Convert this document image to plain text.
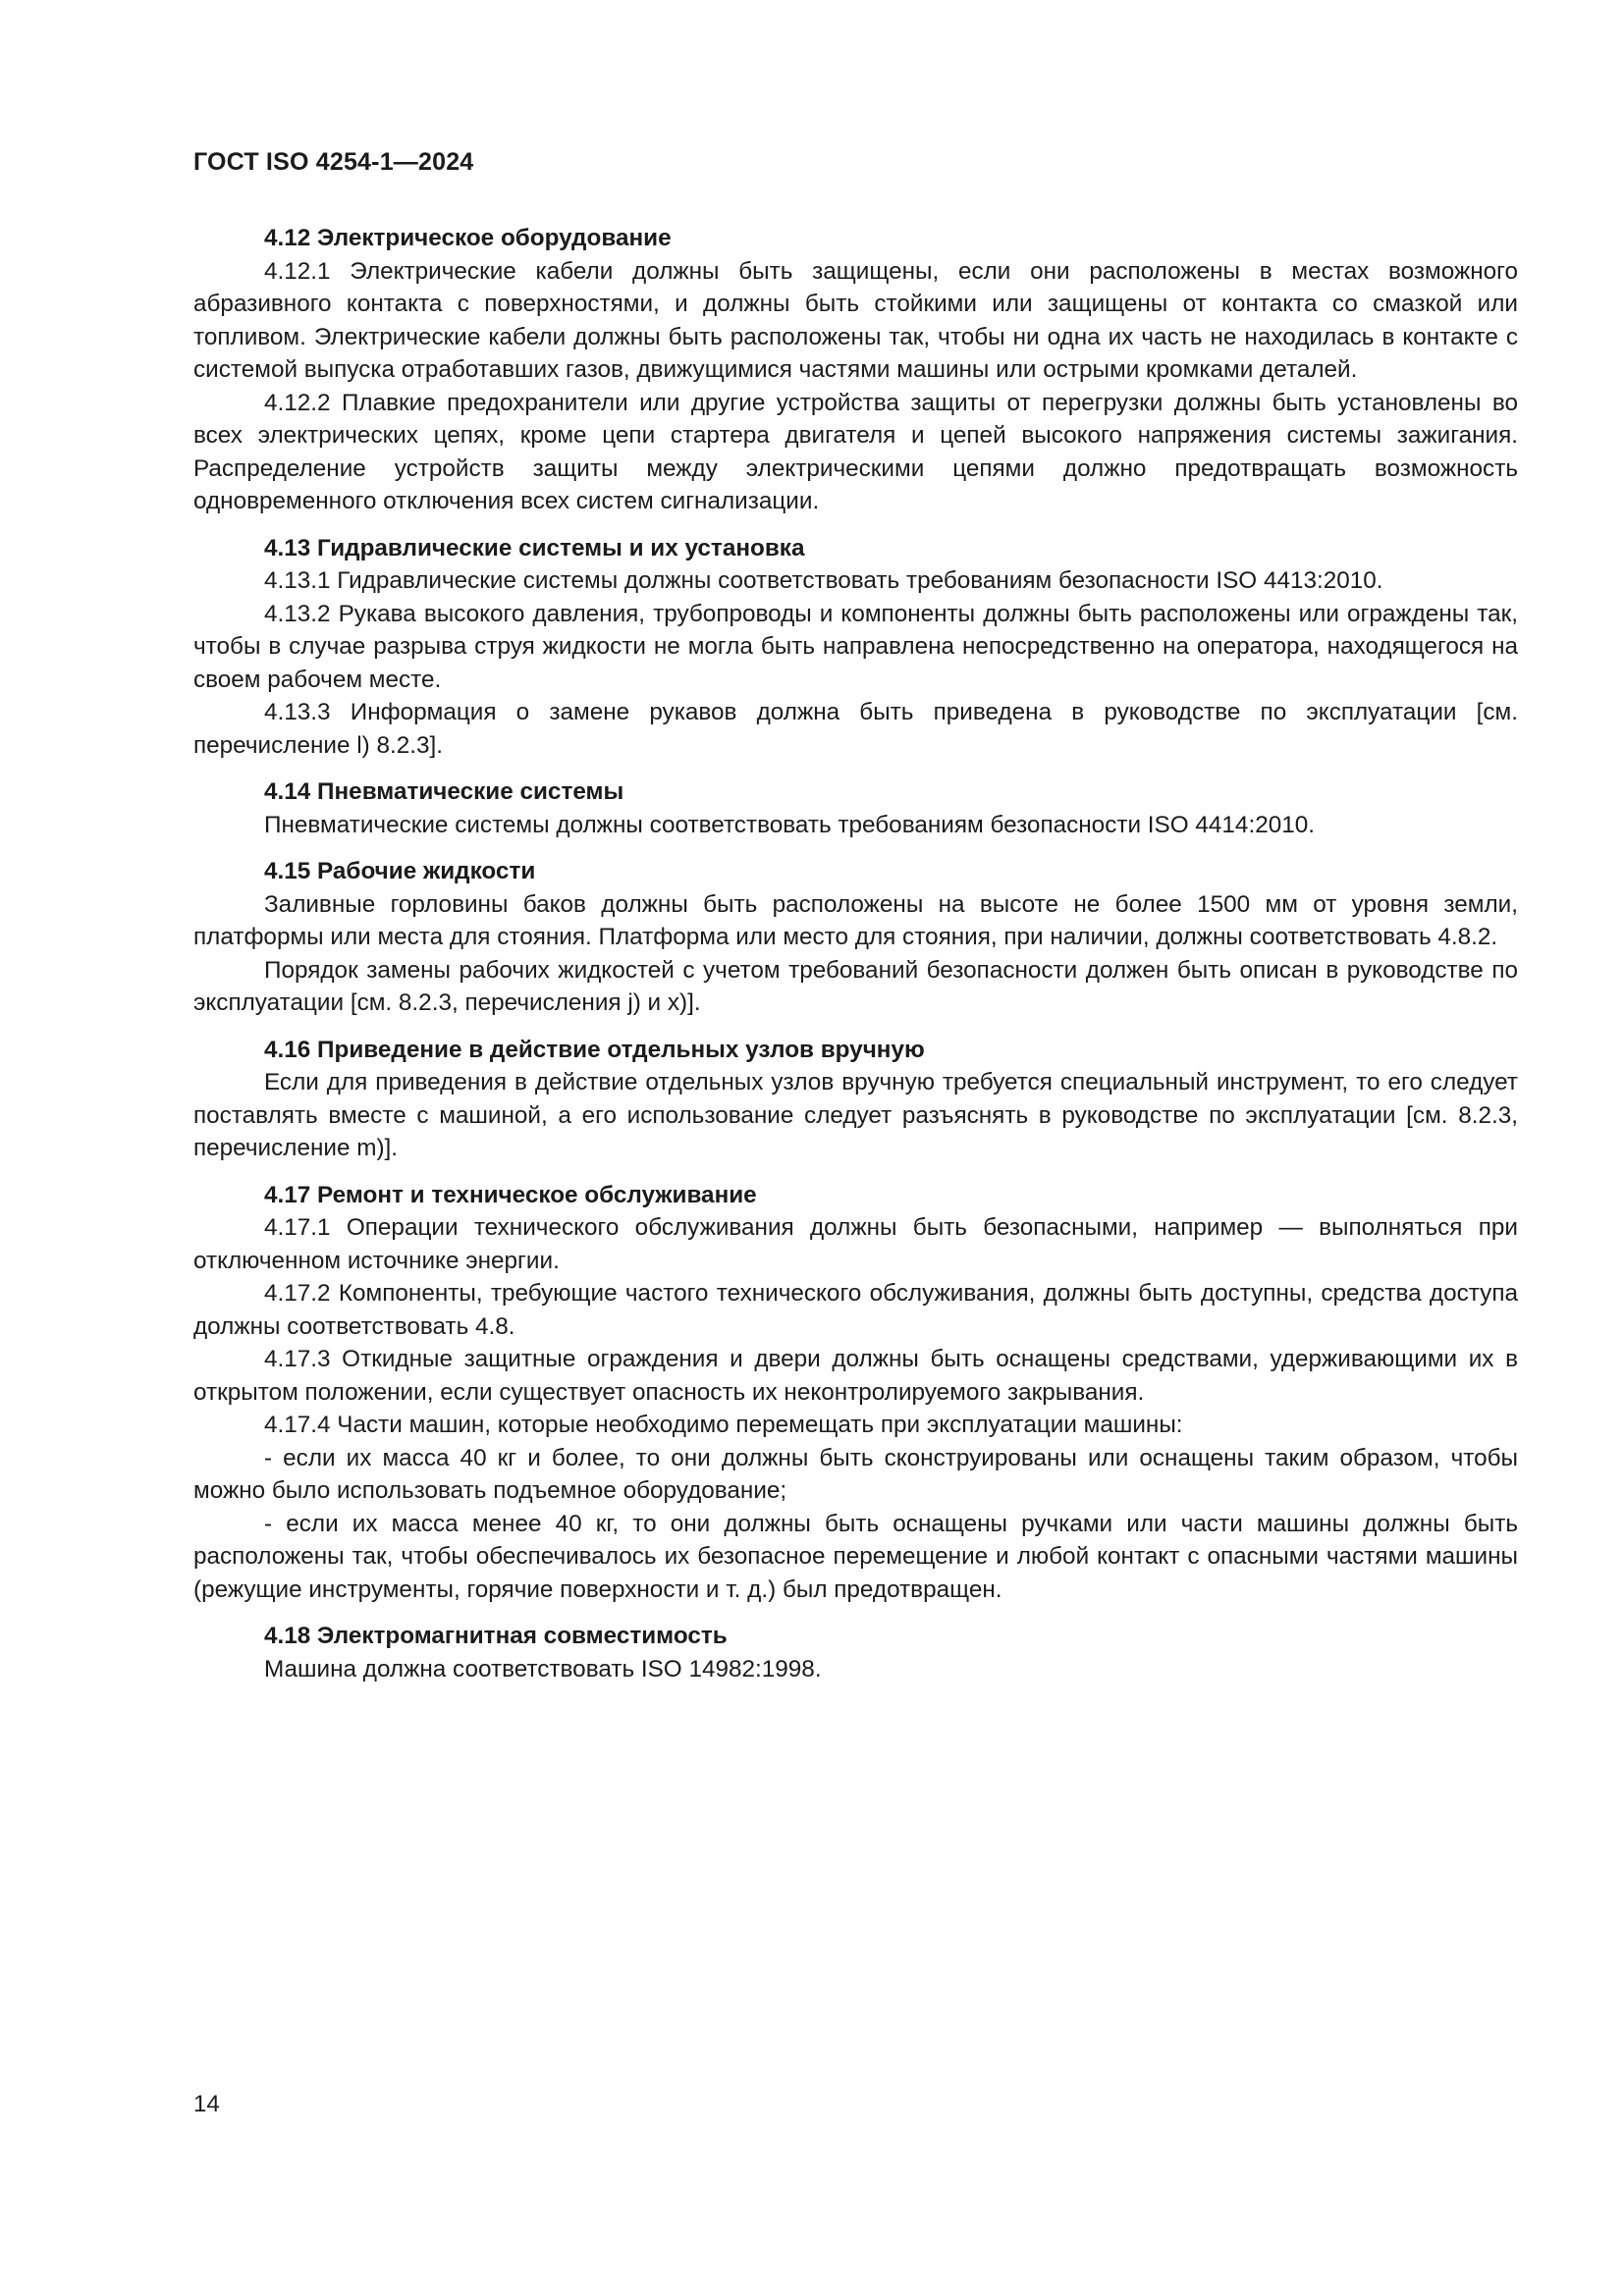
ГОСТ ISO 4254-1—2024
4.12 Электрическое оборудование

4.12.1 Электрические кабели должны быть защищены, если они расположены в местах возможного абразивного контакта с поверхностями, и должны быть стойкими или защищены от контакта со смазкой или топливом. Электрические кабели должны быть расположены так, чтобы ни одна их часть не находилась в контакте с системой выпуска отработавших газов, движущимися частями машины или острыми кромками деталей.

4.12.2 Плавкие предохранители или другие устройства защиты от перегрузки должны быть установлены во всех электрических цепях, кроме цепи стартера двигателя и цепей высокого напряжения системы зажигания. Распределение устройств защиты между электрическими цепями должно предотвращать возможность одновременного отключения всех систем сигнализации.

4.13 Гидравлические системы и их установка

4.13.1 Гидравлические системы должны соответствовать требованиям безопасности ISO 4413:2010.

4.13.2 Рукава высокого давления, трубопроводы и компоненты должны быть расположены или ограждены так, чтобы в случае разрыва струя жидкости не могла быть направлена непосредственно на оператора, находящегося на своем рабочем месте.

4.13.3 Информация о замене рукавов должна быть приведена в руководстве по эксплуатации [см. перечисление l) 8.2.3].

4.14 Пневматические системы

Пневматические системы должны соответствовать требованиям безопасности ISO 4414:2010.

4.15 Рабочие жидкости

Заливные горловины баков должны быть расположены на высоте не более 1500 мм от уровня земли, платформы или места для стояния. Платформа или место для стояния, при наличии, должны соответствовать 4.8.2.

Порядок замены рабочих жидкостей с учетом требований безопасности должен быть описан в руководстве по эксплуатации [см. 8.2.3, перечисления j) и x)].

4.16 Приведение в действие отдельных узлов вручную

Если для приведения в действие отдельных узлов вручную требуется специальный инструмент, то его следует поставлять вместе с машиной, а его использование следует разъяснять в руководстве по эксплуатации [см. 8.2.3, перечисление m)].

4.17 Ремонт и техническое обслуживание

4.17.1 Операции технического обслуживания должны быть безопасными, например — выполняться при отключенном источнике энергии.

4.17.2 Компоненты, требующие частого технического обслуживания, должны быть доступны, средства доступа должны соответствовать 4.8.

4.17.3 Откидные защитные ограждения и двери должны быть оснащены средствами, удерживающими их в открытом положении, если существует опасность их неконтролируемого закрывания.

4.17.4 Части машин, которые необходимо перемещать при эксплуатации машины:

- если их масса 40 кг и более, то они должны быть сконструированы или оснащены таким образом, чтобы можно было использовать подъемное оборудование;

- если их масса менее 40 кг, то они должны быть оснащены ручками или части машины должны быть расположены так, чтобы обеспечивалось их безопасное перемещение и любой контакт с опасными частями машины (режущие инструменты, горячие поверхности и т. д.) был предотвращен.

4.18 Электромагнитная совместимость

Машина должна соответствовать ISO 14982:1998.

14
